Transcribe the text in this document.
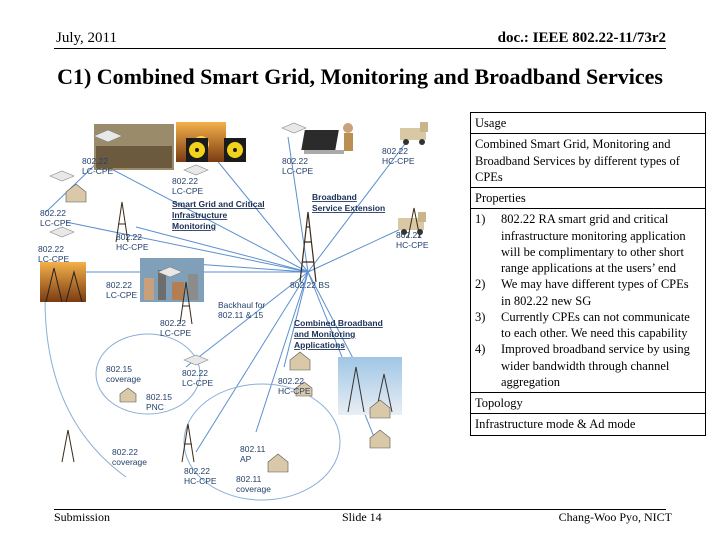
July, 2011	doc.: IEEE 802.22-11/73r2
C1) Combined Smart Grid, Monitoring and Broadband Services
802.22
LC-CPE
802.22
LC-CPE
802.22
LC-CPE
802.22
HC-CPE
802.22
LC-CPE
802.22
HC-CPE
802.22
LC-CPE
802.22
LC-CPE
802.22
HC-CPE
802.22 BS
Smart Grid and Critical
Infrastructure
Monitoring
Broadband
Service Extension
Backhaul for
802.11 & 15
Combined Broadband
and Monitoring
Applications
802.22
LC-CPE
802.15
coverage
802.22
LC-CPE
802.15
PNC
802.22
HC-CPE
802.11
AP
802.22
coverage
802.22
HC-CPE 802.11
coverage
Usage
Combined Smart Grid, Monitoring and Broadband Services by different types of CPEs
Properties

1)	802.22 RA smart grid and critical infrastructure monitoring application will be complimentary to other short range applications at the users’ end
2)	We may have different types of CPEs in 802.22 new SG
3)	Currently CPEs can not communicate to each other. We need this capability
4)	Improved broadband service by using wider bandwidth through channel aggregation

Topology
Infrastructure mode & Ad mode
Submission	Slide 14	Chang-Woo Pyo, NICT
